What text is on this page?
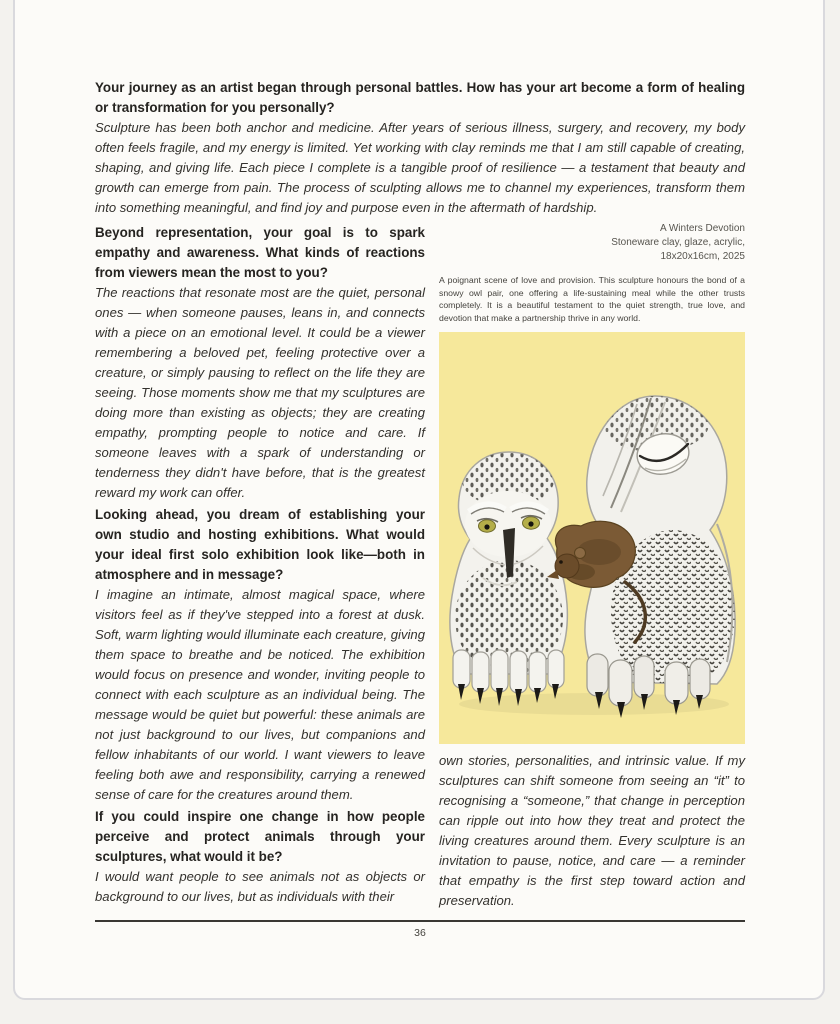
Your journey as an artist began through personal battles. How has your art become a form of healing or transformation for you personally?

Sculpture has been both anchor and medicine. After years of serious illness, surgery, and recovery, my body often feels fragile, and my energy is limited. Yet working with clay reminds me that I am still capable of creating, shaping, and giving life. Each piece I complete is a tangible proof of resilience — a testament that beauty and growth can emerge from pain. The process of sculpting allows me to channel my experiences, transform them into something meaningful, and find joy and purpose even in the aftermath of hardship.

Beyond representation, your goal is to spark empathy and awareness. What kinds of reactions from viewers mean the most to you?

The reactions that resonate most are the quiet, personal ones — when someone pauses, leans in, and connects with a piece on an emotional level. It could be a viewer remembering a beloved pet, feeling protective over a creature, or simply pausing to reflect on the life they are seeing. Those moments show me that my sculptures are doing more than existing as objects; they are creating empathy, prompting people to notice and care. If someone leaves with a spark of understanding or tenderness they didn't have before, that is the greatest reward my work can offer.

Looking ahead, you dream of establishing your own studio and hosting exhibitions. What would your ideal first solo exhibition look like—both in atmosphere and in message?

I imagine an intimate, almost magical space, where visitors feel as if they've stepped into a forest at dusk. Soft, warm lighting would illuminate each creature, giving them space to breathe and be noticed. The exhibition would focus on presence and wonder, inviting people to connect with each sculpture as an individual being. The message would be quiet but powerful: these animals are not just background to our lives, but companions and fellow inhabitants of our world. I want viewers to leave feeling both awe and responsibility, carrying a renewed sense of care for the creatures around them.

If you could inspire one change in how people perceive and protect animals through your sculptures, what would it be?

I would want people to see animals not as objects or background to our lives, but as individuals with their

A Winters Devotion
Stoneware clay, glaze, acrylic,
18x20x16cm, 2025

A poignant scene of love and provision. This sculpture honours the bond of a snowy owl pair, one offering a life-sustaining meal while the other trusts completely. It is a beautiful testament to the quiet strength, true love, and devotion that make a partnership thrive in any world.

own stories, personalities, and intrinsic value. If my sculptures can shift someone from seeing an “it” to recognising a “someone,” that change in perception can ripple out into how they treat and protect the living creatures around them. Every sculpture is an invitation to pause, notice, and care — a reminder that empathy is the first step toward action and preservation.

36
